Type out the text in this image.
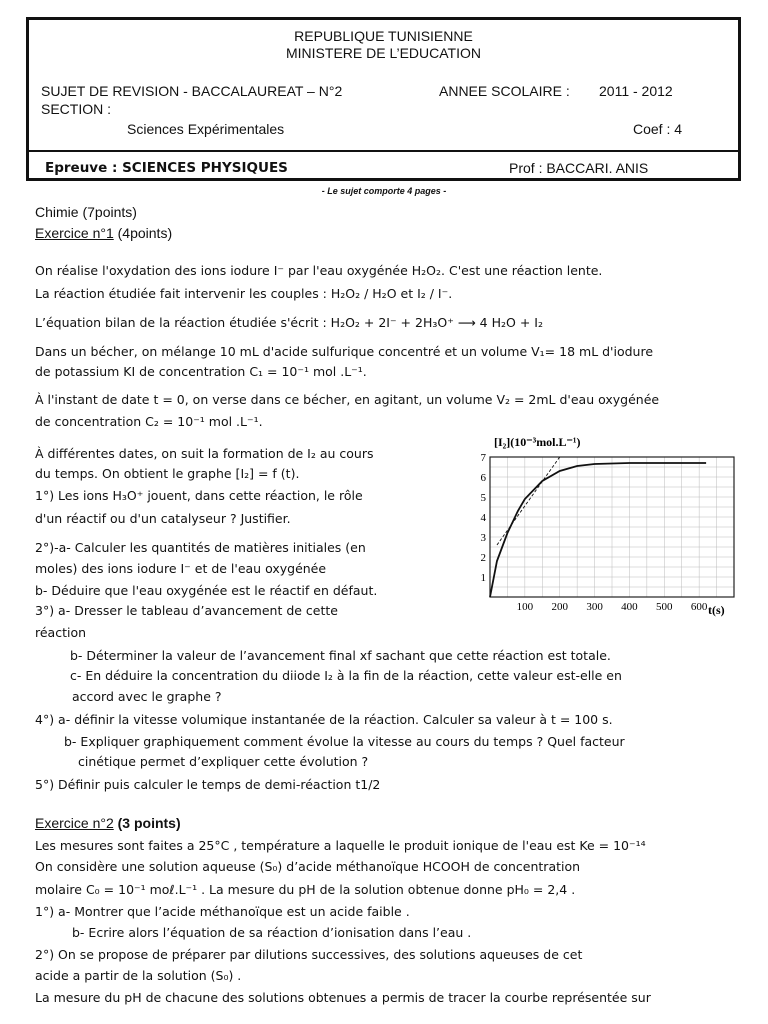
REPUBLIQUE TUNISIENNE
MINISTERE DE L’EDUCATION
SUJET DE REVISION - BACCALAUREAT – N°2	ANNEE SCOLAIRE : 2011 - 2012
SECTION :
Sciences Expérimentales	Coef : 4
Epreuve : SCIENCES PHYSIQUES	Prof : BACCARI. ANIS
- Le sujet comporte 4 pages -
Chimie (7points)
Exercice n°1 (4points)
On réalise l'oxydation des ions iodure I⁻ par l'eau oxygénée H₂O₂. C'est une réaction lente.
La réaction étudiée fait intervenir les couples : H₂O₂ / H₂O et I₂ / I⁻.
L’équation bilan de la réaction étudiée s'écrit : H₂O₂ + 2I⁻ + 2H₃O⁺ ⟶ 4 H₂O + I₂
Dans un bécher, on mélange 10 mL d'acide sulfurique concentré et un volume V₁= 18 mL d'iodure
de potassium KI de concentration C₁ = 10⁻¹ mol .L⁻¹.
À l'instant de date t = 0, on verse dans ce bécher, en agitant, un volume V₂ = 2mL d'eau oxygénée
de concentration C₂ = 10⁻¹ mol .L⁻¹.
À différentes dates, on suit la formation de I₂ au cours
du temps. On obtient le graphe [I₂] = f (t).
1°) Les ions H₃O⁺ jouent, dans cette réaction, le rôle
d'un réactif ou d'un catalyseur ? Justifier.
2°)-a- Calculer les quantités de matières initiales (en
moles) des ions iodure I⁻ et de l'eau oxygénée
b- Déduire que l'eau oxygénée est le réactif en défaut.
3°) a- Dresser le tableau d’avancement de cette
réaction
b- Déterminer la valeur de l’avancement final xf sachant que cette réaction est totale.
c- En déduire la concentration du diiode I₂ à la fin de la réaction, cette valeur est-elle en
accord avec le graphe ?
4°) a- définir la vitesse volumique instantanée de la réaction. Calculer sa valeur à t = 100 s.
b- Expliquer graphiquement comment évolue la vitesse au cours du temps ? Quel facteur
cinétique permet d’expliquer cette évolution ?
5°) Définir puis calculer le temps de demi-réaction t1/2
Exercice n°2 (3 points)
Les mesures sont faites a 25°C , température a laquelle le produit ionique de l'eau est Ke = 10⁻¹⁴
On considère une solution aqueuse (S₀) d’acide méthanoïque HCOOH de concentration
molaire C₀ = 10⁻¹ moℓ.L⁻¹ . La mesure du pH de la solution obtenue donne pH₀ = 2,4 .
1°) a- Montrer que l’acide méthanoïque est un acide faible .
b- Ecrire alors l’équation de sa réaction d’ionisation dans l’eau .
2°) On se propose de préparer par dilutions successives, des solutions aqueuses de cet
acide a partir de la solution (S₀) .
La mesure du pH de chacune des solutions obtenues a permis de tracer la courbe représentée sur
100 200 300 400 500 600
1
2
3
4
5
6
7
[I₂](10⁻³mol.L⁻¹)
t(s)
